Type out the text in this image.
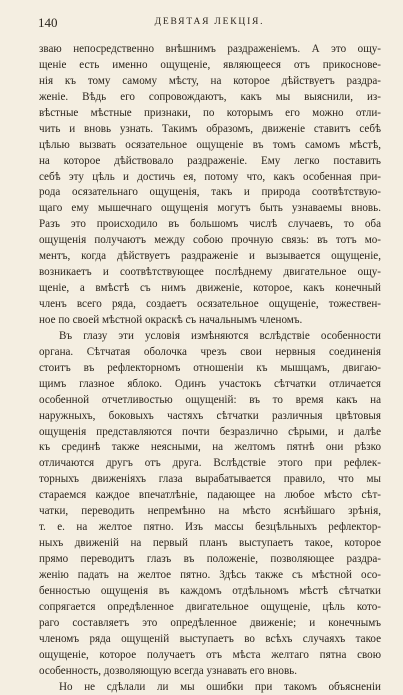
140	ДЕВЯТАЯ ЛЕКЦІЯ.
зваю непосредственно внѣшнимъ раздраженіемъ. А это ощу-
щеніе есть именно ощущеніе, являющееся отъ прикоснове-
нія къ тому самому мѣсту, на которое дѣйствуетъ раздра-
женіе. Вѣдь его сопровождаютъ, какъ мы выяснили, из-
вѣстные мѣстные признаки, по которымъ его можно отли-
чить и вновь узнать. Такимъ образомъ, движеніе ставитъ себѣ
цѣлью вызвать осязательное ощущеніе въ томъ самомъ мѣстѣ,
на которое дѣйствовало раздраженіе. Ему легко поставить
себѣ эту цѣль и достичь ея, потому что, какъ особенная при-
рода осязательнаго ощущенія, такъ и природа соотвѣтствую-
щаго ему мышечнаго ощущенія могутъ быть узнаваемы вновь.
Разъ это происходило въ большомъ числѣ случаевъ, то оба
ощущенія получаютъ между собою прочную связь: въ тотъ мо-
ментъ, когда дѣйствуетъ раздраженіе и вызывается ощущеніе,
возникаетъ и соотвѣтствующее послѣднему двигательное ощу-
щеніе, а вмѣстѣ съ нимъ движеніе, которое, какъ конечный
членъ всего ряда, создаетъ осязательное ощущеніе, тожествен-
ное по своей мѣстной окраскѣ съ начальнымъ членомъ.
Въ глазу эти условія измѣняются вслѣдствіе особенности
органа. Сѣтчатая оболочка чрезъ свои нервныя соединенія
стоитъ въ рефлекторномъ отношеніи къ мышцамъ, двигаю-
щимъ глазное яблоко. Одинъ участокъ сѣтчатки отличается
особенной отчетливостью ощущеній: въ то время какъ на
наружныхъ, боковыхъ частяхъ сѣтчатки различныя цвѣтовыя
ощущенія представляются почти безразлично сѣрыми, и далѣе
къ срединѣ также неясными, на желтомъ пятнѣ они рѣзко
отличаются другъ отъ друга. Вслѣдствіе этого при рефлек-
торныхъ движеніяхъ глаза вырабатывается правило, что мы
стараемся каждое впечатлѣніе, падающее на любое мѣсто сѣт-
чатки, переводить непремѣнно на мѣсто яснѣйшаго зрѣнія,
т. е. на желтое пятно. Изъ массы безцѣльныхъ рефлектор-
ныхъ движеній на первый планъ выступаетъ такое, которое
прямо переводитъ глазъ въ положеніе, позволяющее раздра-
женію падать на желтое пятно. Здѣсь также съ мѣстной осо-
бенностью ощущенія въ каждомъ отдѣльномъ мѣстѣ сѣтчатки
сопрягается опредѣленное двигательное ощущеніе, цѣль кото-
раго составляетъ это опредѣленное движеніе; и конечнымъ
членомъ ряда ощущеній выступаетъ во всѣхъ случаяхъ такое
ощущеніе, которое получаетъ отъ мѣста желтаго пятна свою
особенность, дозволяющую всегда узнавать его вновь.
Но не сдѣлали ли мы ошибки при такомъ объясненіи
